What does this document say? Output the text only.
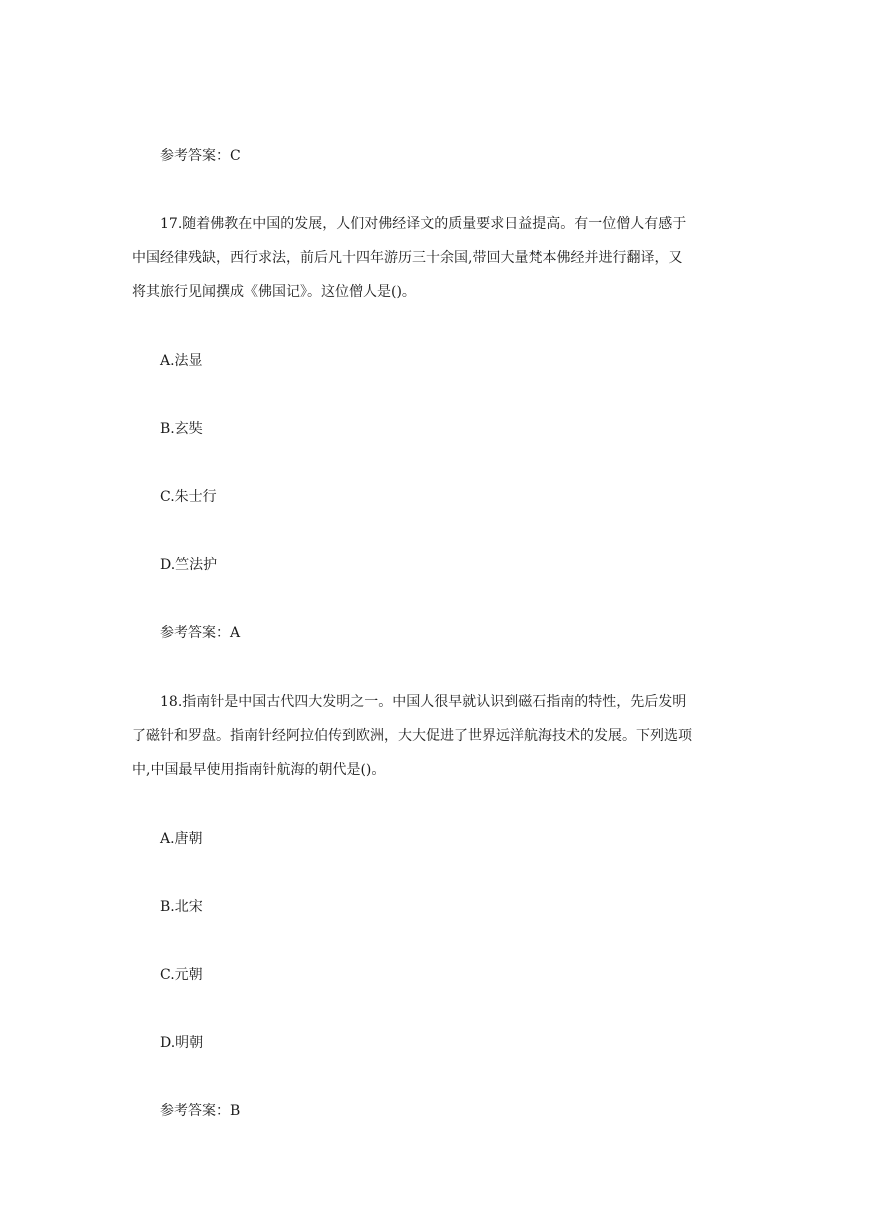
参考答案：C
17.随着佛教在中国的发展，人们对佛经译文的质量要求日益提高。有一位僧人有感于
中国经律残缺，西行求法，前后凡十四年游历三十余国,带回大量梵本佛经并进行翻译，又
将其旅行见闻撰成《佛国记》。这位僧人是()。
A.法显
B.玄奘
C.朱士行
D.竺法护
参考答案：A
18.指南针是中国古代四大发明之一。中国人很早就认识到磁石指南的特性，先后发明
了磁针和罗盘。指南针经阿拉伯传到欧洲，大大促进了世界远洋航海技术的发展。下列选项
中,中国最早使用指南针航海的朝代是()。
A.唐朝
B.北宋
C.元朝
D.明朝
参考答案：B
